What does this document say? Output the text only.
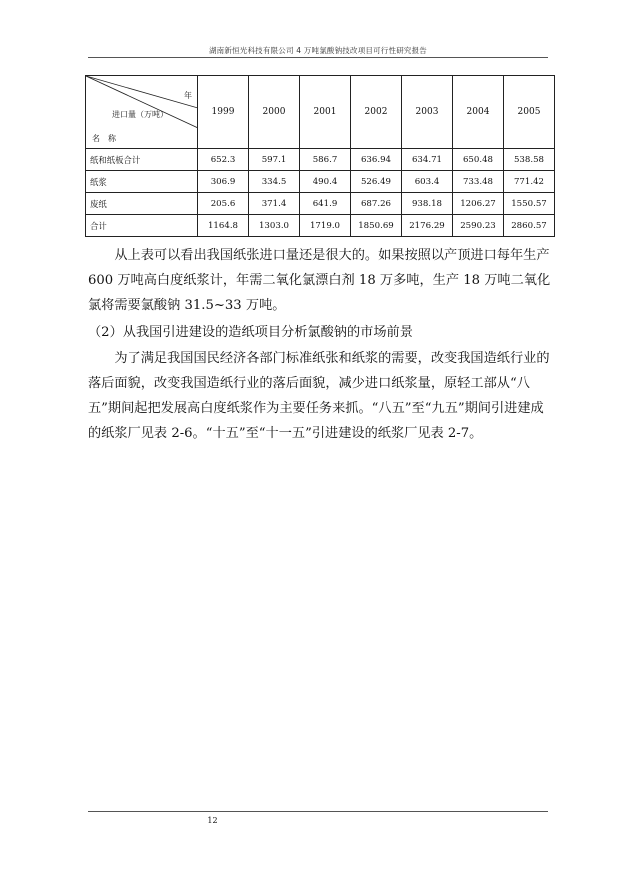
湖南新恒光科技有限公司 4 万吨氯酸钠技改项目可行性研究报告
年
进口量（万吨）
名　称	1999	2000	2001	2002	2003	2004	2005
纸和纸板合计	652.3	597.1	586.7	636.94	634.71	650.48	538.58
纸浆	306.9	334.5	490.4	526.49	603.4	733.48	771.42
废纸	205.6	371.4	641.9	687.26	938.18	1206.27	1550.57
合计	1164.8	1303.0	1719.0	1850.69	2176.29	2590.23	2860.57

　　从上表可以看出我国纸张进口量还是很大的。如果按照以产顶进口每年生产 600 万吨高白度纸浆计，年需二氧化氯漂白剂 18 万多吨，生产 18 万吨二氧化氯将需要氯酸钠 31.5~33 万吨。

（2）从我国引进建设的造纸项目分析氯酸钠的市场前景

　　为了满足我国国民经济各部门标准纸张和纸浆的需要，改变我国造纸行业的落后面貌，改变我国造纸行业的落后面貌，减少进口纸浆量，原轻工部从“八五”期间起把发展高白度纸浆作为主要任务来抓。“八五”至“九五”期间引进建成的纸浆厂见表 2-6。“十五”至“十一五”引进建设的纸浆厂见表 2-7。

12
